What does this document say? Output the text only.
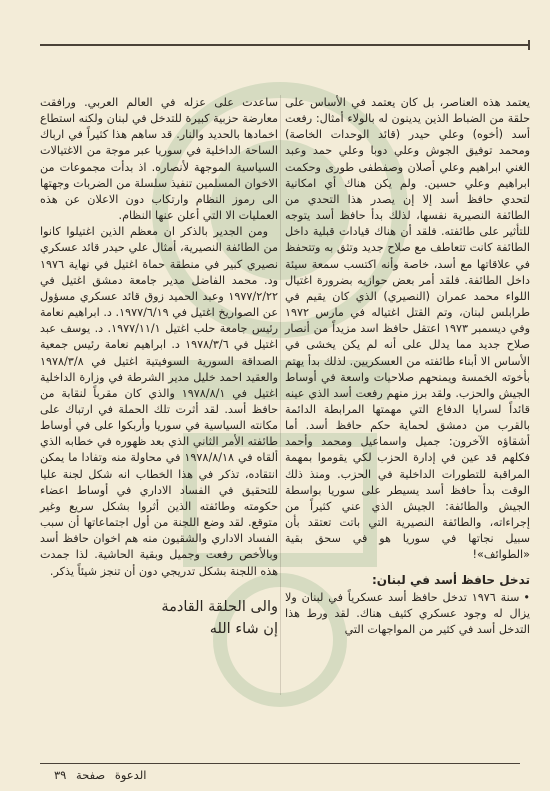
يعتمد هذه العناصر، بل كان يعتمد في الأساس على حلقة من الضباط الذين يدينون له بالولاء أمثال: رفعت أسد (أخوه) وعلي حيدر (قائد الوحدات الخاصة) ومحمد توفيق الجوش وعلي دوبا وعلي حمد وعبد الغني ابراهيم وعلي أصلان وصفطفى طورى وحكمت ابراهيم وعلي حسين. ولم يكن هناك أي امكانية لتحدي حافظ أسد إلا إن يصدر هذا التحدي من الطائفة النصيرية نفسها، لذلك بدأ حافظ أسد يتوجه للتأثير على طائفته. فلقد أن هناك قيادات قبلية داخل الطائفة كانت تتعاطف مع صلاح جديد وتثق به وتتحفظ في علاقاتها مع أسد، خاصة وأنه اكتسب سمعة سيئة داخل الطائفة. فلقد أمر بعض حوازيه بضرورة اغتيال اللواء محمد عمران (النصيري) الذي كان يقيم في طرابلس لبنان، وتم القتل اغتياله في مارس ١٩٧٢ وفي ديسمبر ١٩٧٣ اعتقل حافظ اسد مزيداً من أنصار صلاح جديد مما يدلل على أنه لم يكن يخشى في الأساس الا أبناء طائفته من العسكريين. لذلك بدأ يهتم بأخوته الخمسة ويمنحهم صلاحيات واسعة في أوساط الجيش والحزب. ولقد برز منهم رفعت أسد الذي عينه قائداً لسرايا الدفاع التي مهمتها المرابطة الدائمة بالقرب من دمشق لحماية حكم حافظ أسد. أما أشقاؤه الآخرون: جميل واسماعيل ومحمد وأحمد فكلهم قد عين في إدارة الحزب لكي يقوموا بمهمة المراقبة للتطورات الداخلية في الحزب. ومنذ ذلك الوقت بدأ حافظ أسد يسيطر على سوريا بواسطة الجيش والطائفة: الجيش الذي عني كثيراً من إجراءاته، والطائفة النصيرية التي باتت تعتقد بأن سبيل نجاتها في سوريا هو في سحق بقية «الطوائف»!

تدخل حافظ أسد في لبنان:

•سنة ١٩٧٦ تدخل حافظ أسد عسكرياً في لبنان ولا يزال له وجود عسكري كثيف هناك. لقد ورط هذا التدخل أسد في كثير من المواجهات التي

ساعدت على عزله في العالم العربي. ورافقت معارضة حزبية كبيرة للتدخل في لبنان ولكنه استطاع اخمادها بالحديد والنار. قد ساهم هذا كثيراً في ارباك الساحة الداخلية في سوريا عبر موجة من الاغتيالات السياسية الموجهة لأنصاره. اذ بدأت مجموعات من الاخوان المسلمين تنفيذ سلسلة من الضربات وجهتها الى رموز النظام وارتكاب دون الاعلان عن هذه العمليات الا التي أعلن عنها النظام.

ومن الجدير بالذكر ان معظم الذين اغتيلوا كانوا من الطائفة النصيرية، أمثال علي حيدر قائد عسكري نصيري كبير في منطقة حماة اغتيل في نهاية ١٩٧٦ ود. محمد الفاضل مدير جامعة دمشق اغتيل في ١٩٧٧/٢/٢٢ وعبد الحميد زوق قائد عسكري مسؤول عن الصواريخ اغتيل في ١٩٧٧/٦/١٩. د. ابراهيم نعامة رئيس جامعة حلب اغتيل ١٩٧٧/١١/١. د. يوسف عبد اغتيل في ١٩٧٨/٣/٦ د. ابراهيم نعامة رئيس جمعية الصداقة السورية السوفيتية اغتيل في ١٩٧٨/٣/٨ والعقيد احمد خليل مدير الشرطة في وزارة الداخلية اغتيل في ١٩٧٨/٨/١ والذي كان مقرباً لنقابة من حافظ أسد. لقد أثرت تلك الحملة في ارتباك على مكانته السياسية في سوريا وأربكوا على في أوساط طائفته الأمر الثاني الذي بعد ظهوره في خطابه الذي ألقاه في ١٩٧٨/٨/١٨ في محاولة منه وتفادا ما يمكن انتقاده، تذكر في هذا الخطاب انه شكل لجنة عليا للتحقيق في الفساد الاداري في أوساط اعضاء حكومته وطائفته الذين أثروا بشكل سريع وغير متوقع. لقد وضع اللجنة من أول اجتماعاتها أن سبب الفساد الاداري والشقيون منه هم اخوان حافظ أسد وبالأخص رفعت وجميل وبقية الحاشية. لذا جمدت هذه اللجنة بشكل تدريجي دون أن تنجز شيئاً يذكر.

والى الحلقة القادمة
إن شاء الله
الدعوة صفحة ٣٩
